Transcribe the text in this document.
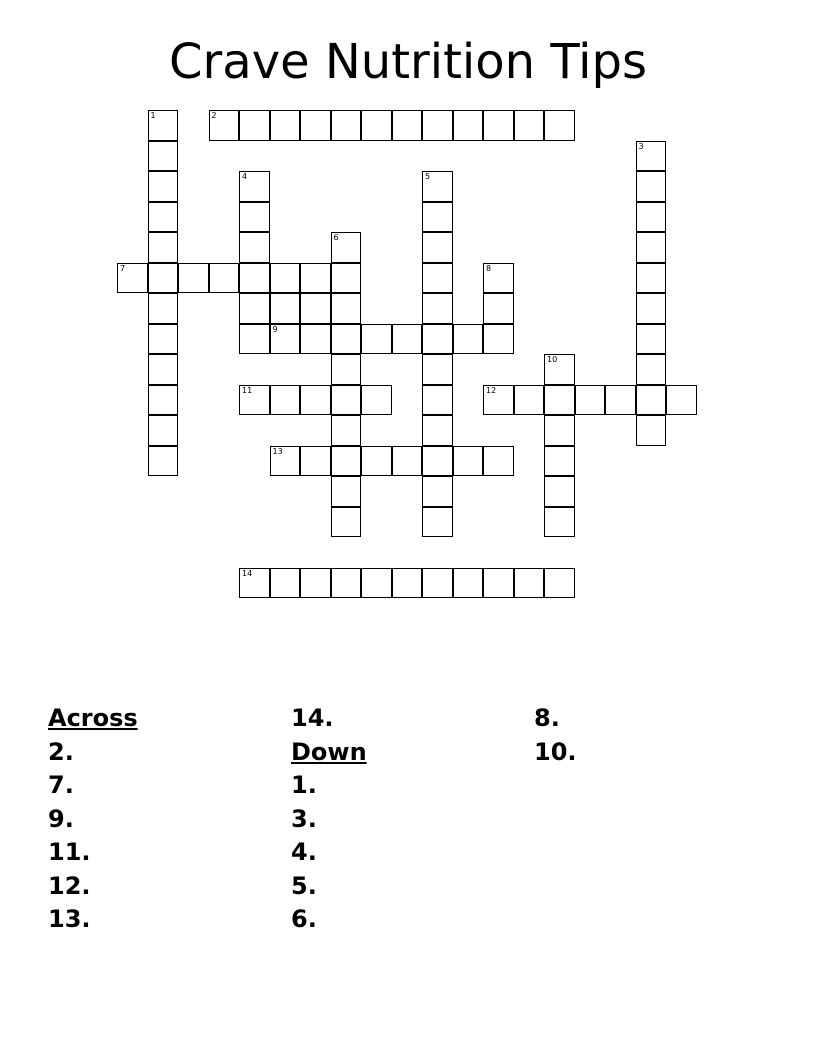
Crave Nutrition Tips
1	2
3
4	5
6
7	8
9
10
11	12
13
14
Across
2.
7.
9.
11.
12.
13.
14.
Down
1.
3.
4.
5.
6.
8.
10.
